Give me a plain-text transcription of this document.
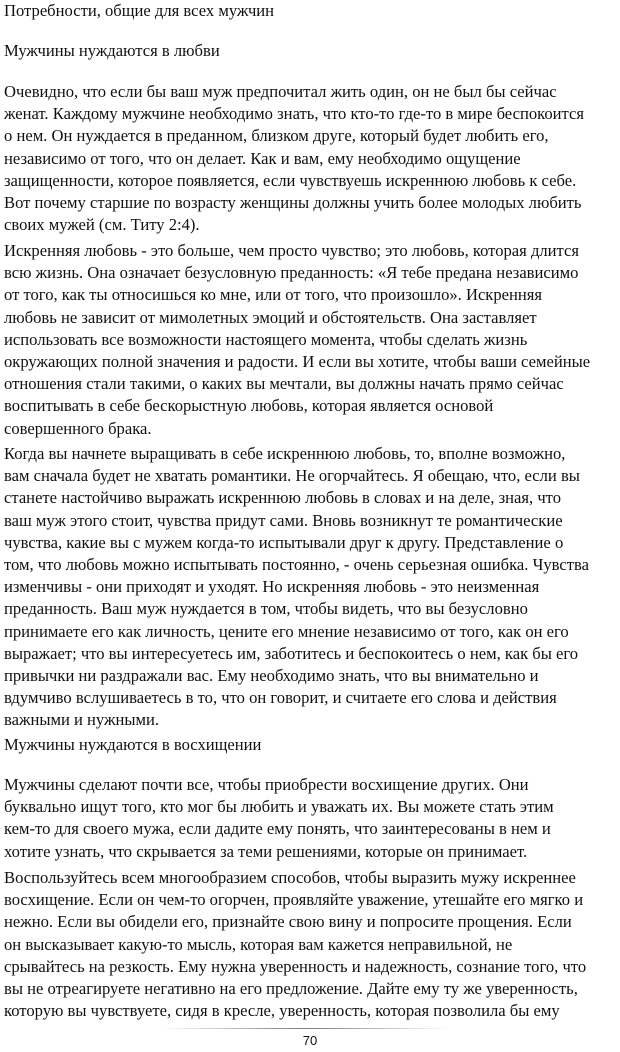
Потребности, общие для всех мужчин

Мужчины нуждаются в любви

Очевидно, что если бы ваш муж предпочитал жить один, он не был бы сейчас
женат. Каждому мужчине необходимо знать, что кто-то где-то в мире беспокоится
о нем. Он нуждается в преданном, близком друге, который будет любить его,
независимо от того, что он делает. Как и вам, ему необходимо ощущение
защищенности, которое появляется, если чувствуешь искреннюю любовь к себе.
Вот почему старшие по возрасту женщины должны учить более молодых любить
своих мужей (см. Титу 2:4).

Искренняя любовь - это больше, чем просто чувство; это любовь, которая длится
всю жизнь. Она означает безусловную преданность: «Я тебе предана независимо
от того, как ты относишься ко мне, или от того, что произошло». Искренняя
любовь не зависит от мимолетных эмоций и обстоятельств. Она заставляет
использовать все возможности настоящего момента, чтобы сделать жизнь
окружающих полной значения и радости. И если вы хотите, чтобы ваши семейные
отношения стали такими, о каких вы мечтали, вы должны начать прямо сейчас
воспитывать в себе бескорыстную любовь, которая является основой
совершенного брака.

Когда вы начнете выращивать в себе искреннюю любовь, то, вполне возможно,
вам сначала будет не хватать романтики. Не огорчайтесь. Я обещаю, что, если вы
станете настойчиво выражать искреннюю любовь в словах и на деле, зная, что
ваш муж этого стоит, чувства придут сами. Вновь возникнут те романтические
чувства, какие вы с мужем когда-то испытывали друг к другу. Представление о
том, что любовь можно испытывать постоянно, - очень серьезная ошибка. Чувства
изменчивы - они приходят и уходят. Но искренняя любовь - это неизменная
преданность. Ваш муж нуждается в том, чтобы видеть, что вы безусловно
принимаете его как личность, цените его мнение независимо от того, как он его
выражает; что вы интересуетесь им, заботитесь и беспокоитесь о нем, как бы его
привычки ни раздражали вас. Ему необходимо знать, что вы внимательно и
вдумчиво вслушиваетесь в то, что он говорит, и считаете его слова и действия
важными и нужными.

Мужчины нуждаются в восхищении

Мужчины сделают почти все, чтобы приобрести восхищение других. Они
буквально ищут того, кто мог бы любить и уважать их. Вы можете стать этим
кем-то для своего мужа, если дадите ему понять, что заинтересованы в нем и
хотите узнать, что скрывается за теми решениями, которые он принимает.

Воспользуйтесь всем многообразием способов, чтобы выразить мужу искреннее
восхищение. Если он чем-то огорчен, проявляйте уважение, утешайте его мягко и
нежно. Если вы обидели его, признайте свою вину и попросите прощения. Если
он высказывает какую-то мысль, которая вам кажется неправильной, не
срывайтесь на резкость. Ему нужна уверенность и надежность, сознание того, что
вы не отреагируете негативно на его предложение. Дайте ему ту же уверенность,
которую вы чувствуете, сидя в кресле, уверенность, которая позволила бы ему

70
